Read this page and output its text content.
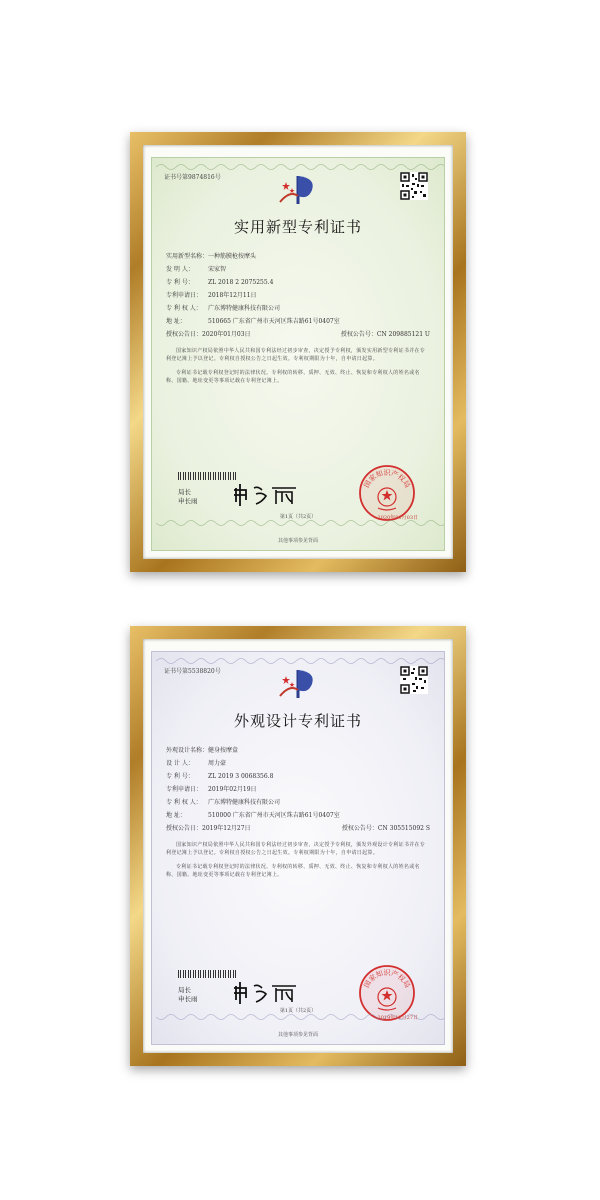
证书号第9874816号
实用新型专利证书
实用新型名称：一种筋膜枪按摩头
发 明 人： 宋家智
专 利 号： ZL 2018 2 2075255.4
专利申请日： 2018年12月11日
专 利 权 人： 广东博特健康科技有限公司
地 址：	510665 广东省广州市天河区珠吉路61号0407室
授权公告日：2020年01月03日	授权公告号：CN 209885121 U
国家知识产权局依照中华人民共和国专利法经过初步审查，决定授予专利权，颁发实用新型专利证书并在专利登记簿上予以登记。专利权自授权公告之日起生效。专利权期限为十年，自申请日起算。
专利证书记载专利权登记时的法律状况。专利权的转移、质押、无效、终止、恢复和专利权人的姓名或名称、国籍、地址变更等事项记载在专利登记簿上。
局长
申长雨
国家知识产权局
2020年01月03日
第1页（共2页）
其他事项参见背面
证书号第5538820号
外观设计专利证书
外观设计名称：健身按摩盒
设 计 人： 周力豪
专 利 号： ZL 2019 3 0068356.8
专利申请日： 2019年02月19日
专 利 权 人： 广东博特健康科技有限公司
地 址：	510000 广东省广州市天河区珠吉路61号0407室
授权公告日：2019年12月27日	授权公告号：CN 305515092 S
国家知识产权局依照中华人民共和国专利法经过初步审查，决定授予专利权，颁发外观设计专利证书并在专利登记簿上予以登记。专利权自授权公告之日起生效。专利权期限为十年，自申请日起算。
专利证书记载专利权登记时的法律状况。专利权的转移、质押、无效、终止、恢复和专利权人的姓名或名称、国籍、地址变更等事项记载在专利登记簿上。
局长
申长雨
国家知识产权局
2019年12月27日
第1页（共2页）
其他事项参见背面
